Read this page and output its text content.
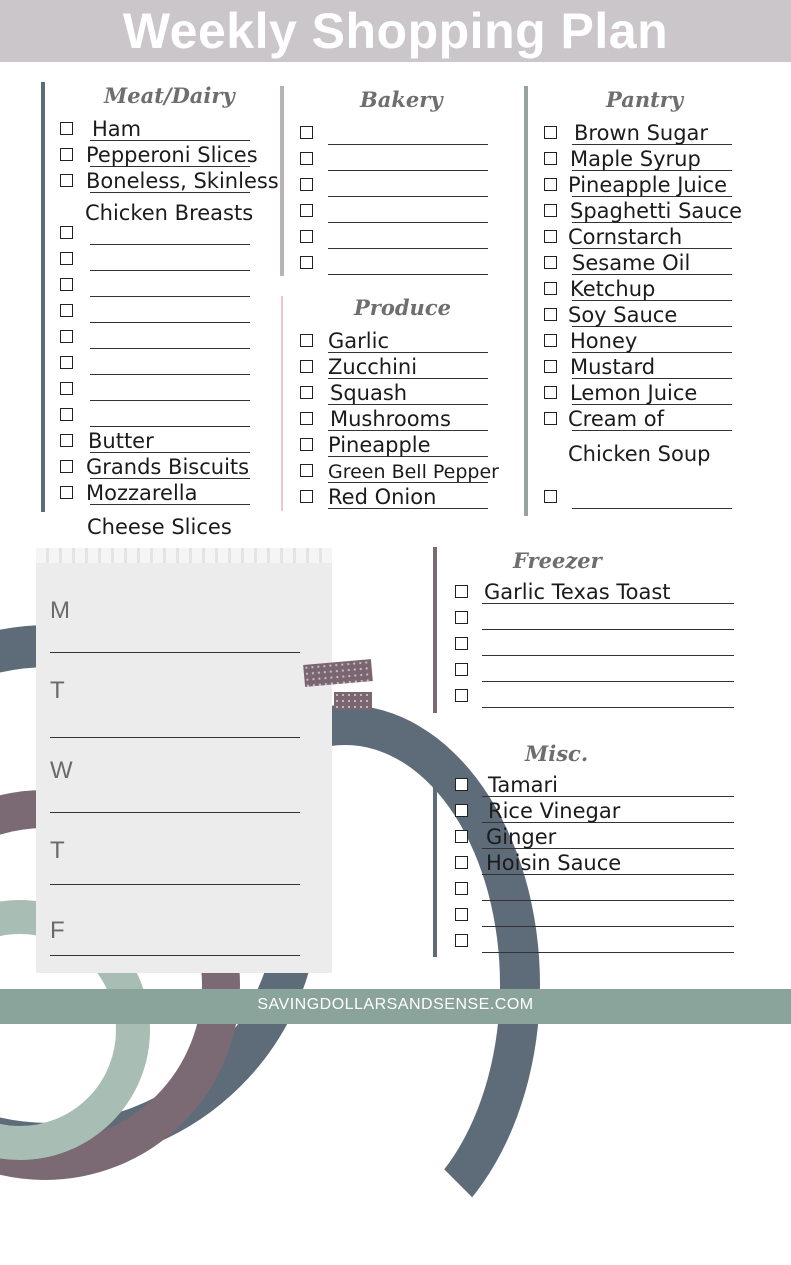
Weekly Shopping Plan
M
T
W
T
F
Meat/Dairy
Ham
Pepperoni Slices
Boneless, Skinless
Chicken Breasts
Butter
Grands Biscuits
Mozzarella
Cheese Slices
Bakery
Produce
Garlic
Zucchini
Squash
Mushrooms
Pineapple
Green Bell Pepper
Red Onion
Pantry
Brown Sugar
Maple Syrup
Pineapple Juice
Spaghetti Sauce
Cornstarch
Sesame Oil
Ketchup
Soy Sauce
Honey
Mustard
Lemon Juice
Cream of
Chicken Soup
Freezer
Garlic Texas Toast
Misc.
Tamari
Rice Vinegar
Ginger
Hoisin Sauce
SAVINGDOLLARSANDSENSE.COM
